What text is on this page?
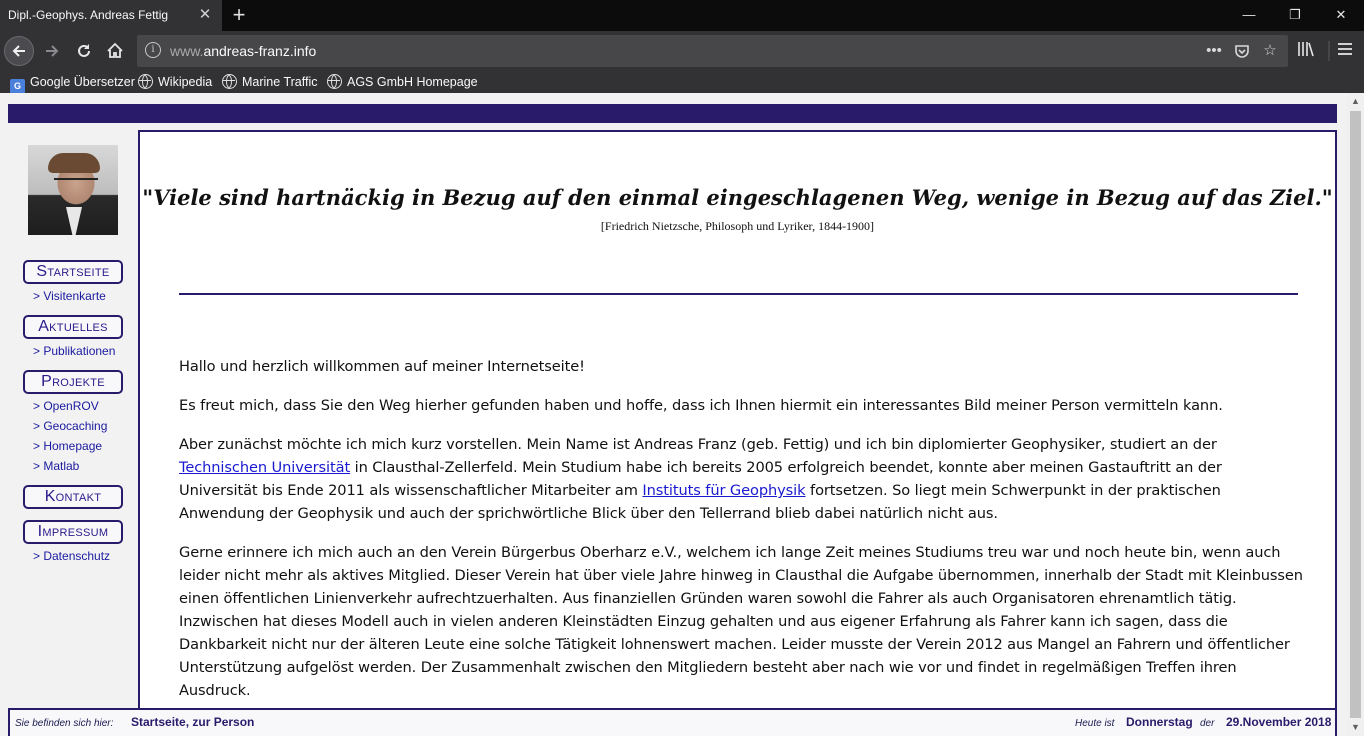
Dipl.-Geophys. Andreas Fettig ✕ +	—	❐	✕
i	www.andreas-franz.info	•••	☆
G Google Übersetzer	Wikipedia	Marine Traffic	AGS GmbH Homepage
Startseite
> Visitenkarte
Aktuelles
> Publikationen
Projekte
> OpenROV
> Geocaching
> Homepage
> Matlab
Kontakt
Impressum
> Datenschutz
"Viele sind hartnäckig in Bezug auf den einmal eingeschlagenen Weg, wenige in Bezug auf das Ziel."
[Friedrich Nietzsche, Philosoph und Lyriker, 1844-1900]

Hallo und herzlich willkommen auf meiner Internetseite!

Es freut mich, dass Sie den Weg hierher gefunden haben und hoffe, dass ich Ihnen hiermit ein interessantes Bild meiner Person vermitteln kann.

Aber zunächst möchte ich mich kurz vorstellen. Mein Name ist Andreas Franz (geb. Fettig) und ich bin diplomierter Geophysiker, studiert an der Technischen Universität in Clausthal-Zellerfeld. Mein Studium habe ich bereits 2005 erfolgreich beendet, konnte aber meinen Gastauftritt an der Universität bis Ende 2011 als wissenschaftlicher Mitarbeiter am Instituts für Geophysik fortsetzen. So liegt mein Schwerpunkt in der praktischen Anwendung der Geophysik und auch der sprichwörtliche Blick über den Tellerrand blieb dabei natürlich nicht aus.

Gerne erinnere ich mich auch an den Verein Bürgerbus Oberharz e.V., welchem ich lange Zeit meines Studiums treu war und noch heute bin, wenn auch leider nicht mehr als aktives Mitglied. Dieser Verein hat über viele Jahre hinweg in Clausthal die Aufgabe übernommen, innerhalb der Stadt mit Kleinbussen einen öffentlichen Linienverkehr aufrechtzuerhalten. Aus finanziellen Gründen waren sowohl die Fahrer als auch Organisatoren ehrenamtlich tätig. Inzwischen hat dieses Modell auch in vielen anderen Kleinstädten Einzug gehalten und aus eigener Erfahrung als Fahrer kann ich sagen, dass die Dankbarkeit nicht nur der älteren Leute eine solche Tätigkeit lohnenswert machen. Leider musste der Verein 2012 aus Mangel an Fahrern und öffentlicher Unterstützung aufgelöst werden. Der Zusammenhalt zwischen den Mitgliedern besteht aber nach wie vor und findet in regelmäßigen Treffen ihren Ausdruck.

Sie befinden sich hier: Startseite, zur Person	Heute ist Donnerstag der 29.November 2018
▲
▼
